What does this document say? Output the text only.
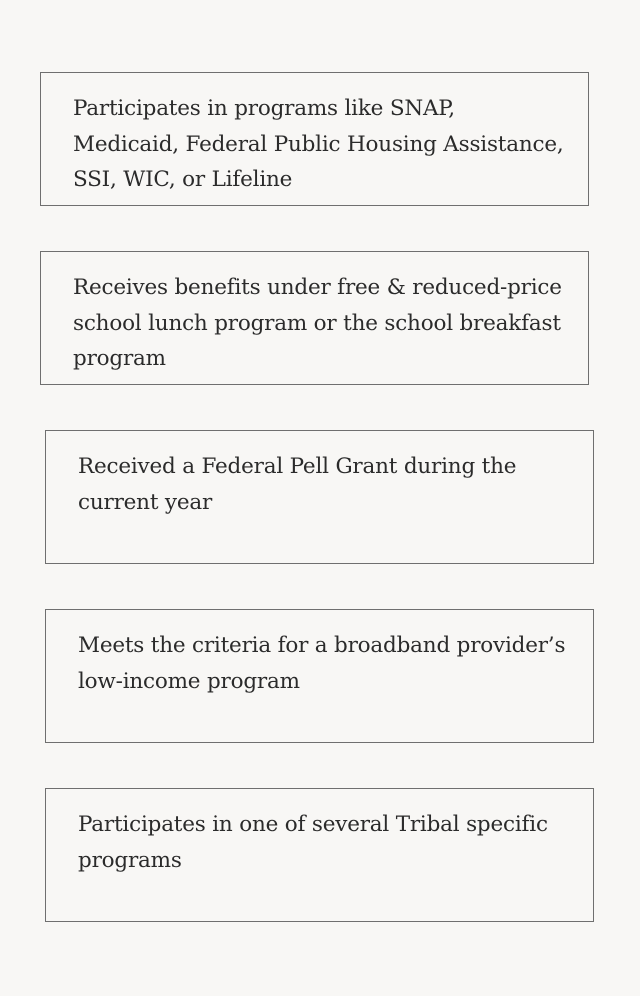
Participates in programs like SNAP, Medicaid, Federal Public Housing Assistance, SSI, WIC, or Lifeline

Receives benefits under free & reduced-price school lunch program or the school breakfast program

Received a Federal Pell Grant during the current year

Meets the criteria for a broadband provider’s low-income program

Participates in one of several Tribal specific programs
